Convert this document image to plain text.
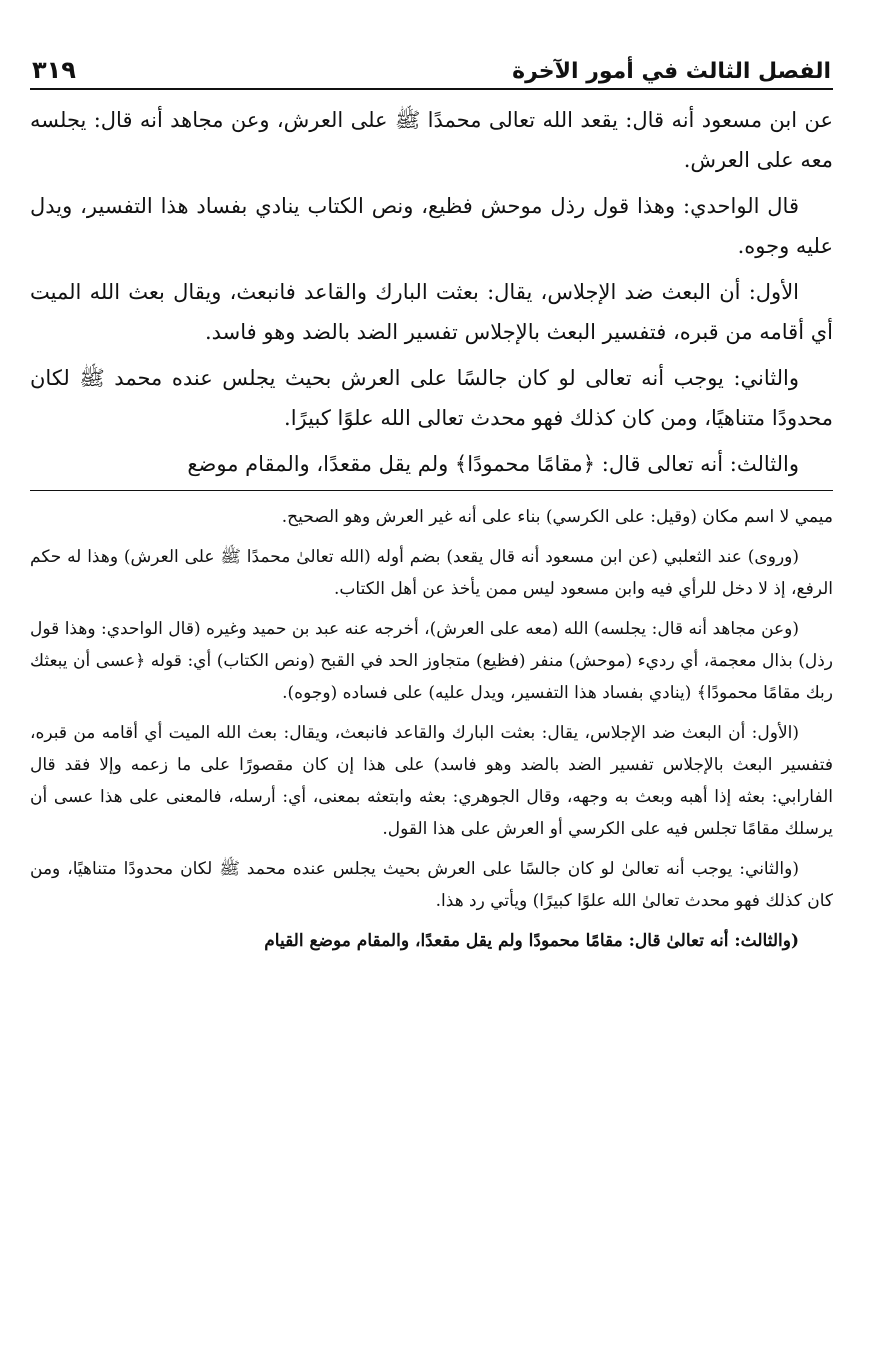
الفصل الثالث في أمور الآخرة
٣١٩

عن ابن مسعود أنه قال: يقعد الله تعالى محمدًا ﷺ على العرش، وعن مجاهد أنه قال: يجلسه معه على العرش.

قال الواحدي: وهذا قول رذل موحش فظيع، ونص الكتاب ينادي بفساد هذا التفسير، ويدل عليه وجوه.

الأول: أن البعث ضد الإجلاس، يقال: بعثت البارك والقاعد فانبعث، ويقال بعث الله الميت أي أقامه من قبره، فتفسير البعث بالإجلاس تفسير الضد بالضد وهو فاسد.

والثاني: يوجب أنه تعالى لو كان جالسًا على العرش بحيث يجلس عنده محمد ﷺ لكان محدودًا متناهيًا، ومن كان كذلك فهو محدث تعالى الله علوًا كبيرًا.

والثالث: أنه تعالى قال: ﴿مقامًا محمودًا﴾ ولم يقل مقعدًا، والمقام موضع

ميمي لا اسم مكان (وقيل: على الكرسي) بناء على أنه غير العرش وهو الصحيح.

(وروى) عند الثعلبي (عن ابن مسعود أنه قال يقعد) بضم أوله (الله تعالىٰ محمدًا ﷺ على العرش) وهذا له حكم الرفع، إذ لا دخل للرأي فيه وابن مسعود ليس ممن يأخذ عن أهل الكتاب.

(وعن مجاهد أنه قال: يجلسه) الله (معه على العرش)، أخرجه عنه عبد بن حميد وغيره (قال الواحدي: وهذا قول رذل) بذال معجمة، أي رديء (موحش) منفر (فظيع) متجاوز الحد في القبح (ونص الكتاب) أي: قوله ﴿عسى أن يبعثك ربك مقامًا محمودًا﴾ (ينادي بفساد هذا التفسير، ويدل عليه) على فساده (وجوه).

(الأول: أن البعث ضد الإجلاس، يقال: بعثت البارك والقاعد فانبعث، ويقال: بعث الله الميت أي أقامه من قبره، فتفسير البعث بالإجلاس تفسير الضد بالضد وهو فاسد) على هذا إن كان مقصورًا على ما زعمه وإلا فقد قال الفارابي: بعثه إذا أهبه وبعث به وجهه، وقال الجوهري: بعثه وابتعثه بمعنى، أي: أرسله، فالمعنى على هذا عسى أن يرسلك مقامًا تجلس فيه على الكرسي أو العرش على هذا القول.

(والثاني: يوجب أنه تعالىٰ لو كان جالسًا على العرش بحيث يجلس عنده محمد ﷺ لكان محدودًا متناهيًا، ومن كان كذلك فهو محدث تعالىٰ الله علوًا كبيرًا) ويأتي رد هذا.

(والثالث: أنه تعالىٰ قال: مقامًا محمودًا ولم يقل مقعدًا، والمقام موضع القيام
